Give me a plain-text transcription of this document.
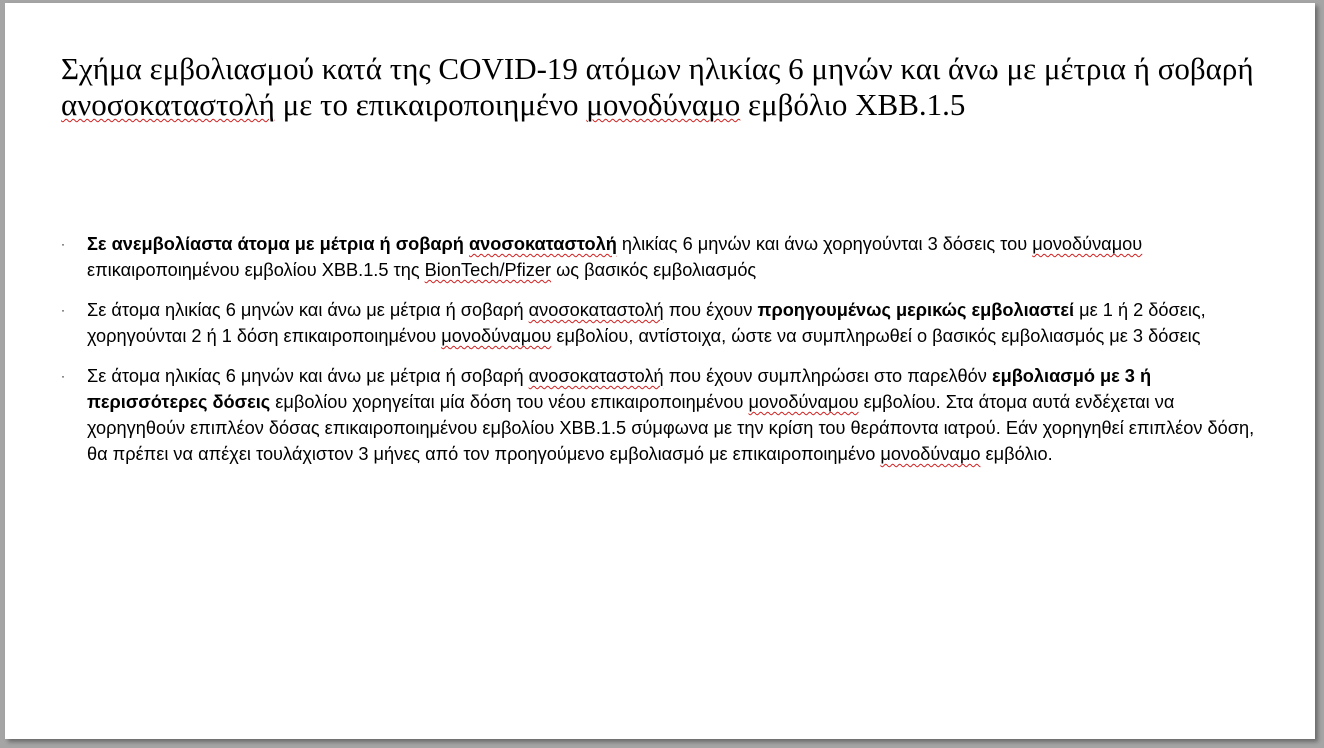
Σχήμα εμβολιασμού κατά της COVID-19 ατόμων ηλικίας 6 μηνών και άνω με μέτρια ή σοβαρή ανοσοκαταστολή με το επικαιροποιημένο μονοδύναμο εμβόλιο XBB.1.5
· Σε ανεμβολίαστα άτομα με μέτρια ή σοβαρή ανοσοκαταστολή ηλικίας 6 μηνών και άνω χορηγούνται 3 δόσεις του μονοδύναμου επικαιροποιημένου εμβολίου XBB.1.5 της BionTech/Pfizer ως βασικός εμβολιασμός
· Σε άτομα ηλικίας 6 μηνών και άνω με μέτρια ή σοβαρή ανοσοκαταστολή που έχουν προηγουμένως μερικώς εμβολιαστεί με 1 ή 2 δόσεις, χορηγούνται 2 ή 1 δόση επικαιροποιημένου μονοδύναμου εμβολίου, αντίστοιχα, ώστε να συμπληρωθεί ο βασικός εμβολιασμός με 3 δόσεις
· Σε άτομα ηλικίας 6 μηνών και άνω με μέτρια ή σοβαρή ανοσοκαταστολή που έχουν συμπληρώσει στο παρελθόν εμβολιασμό με 3 ή περισσότερες δόσεις εμβολίου χορηγείται μία δόση του νέου επικαιροποιημένου μονοδύναμου εμβολίου. Στα άτομα αυτά ενδέχεται να χορηγηθούν επιπλέον δόσας επικαιροποιημένου εμβολίου XBB.1.5 σύμφωνα με την κρίση του θεράποντα ιατρού. Εάν χορηγηθεί επιπλέον δόση, θα πρέπει να απέχει τουλάχιστον 3 μήνες από τον προηγούμενο εμβολιασμό με επικαιροποιημένο μονοδύναμο εμβόλιο.
